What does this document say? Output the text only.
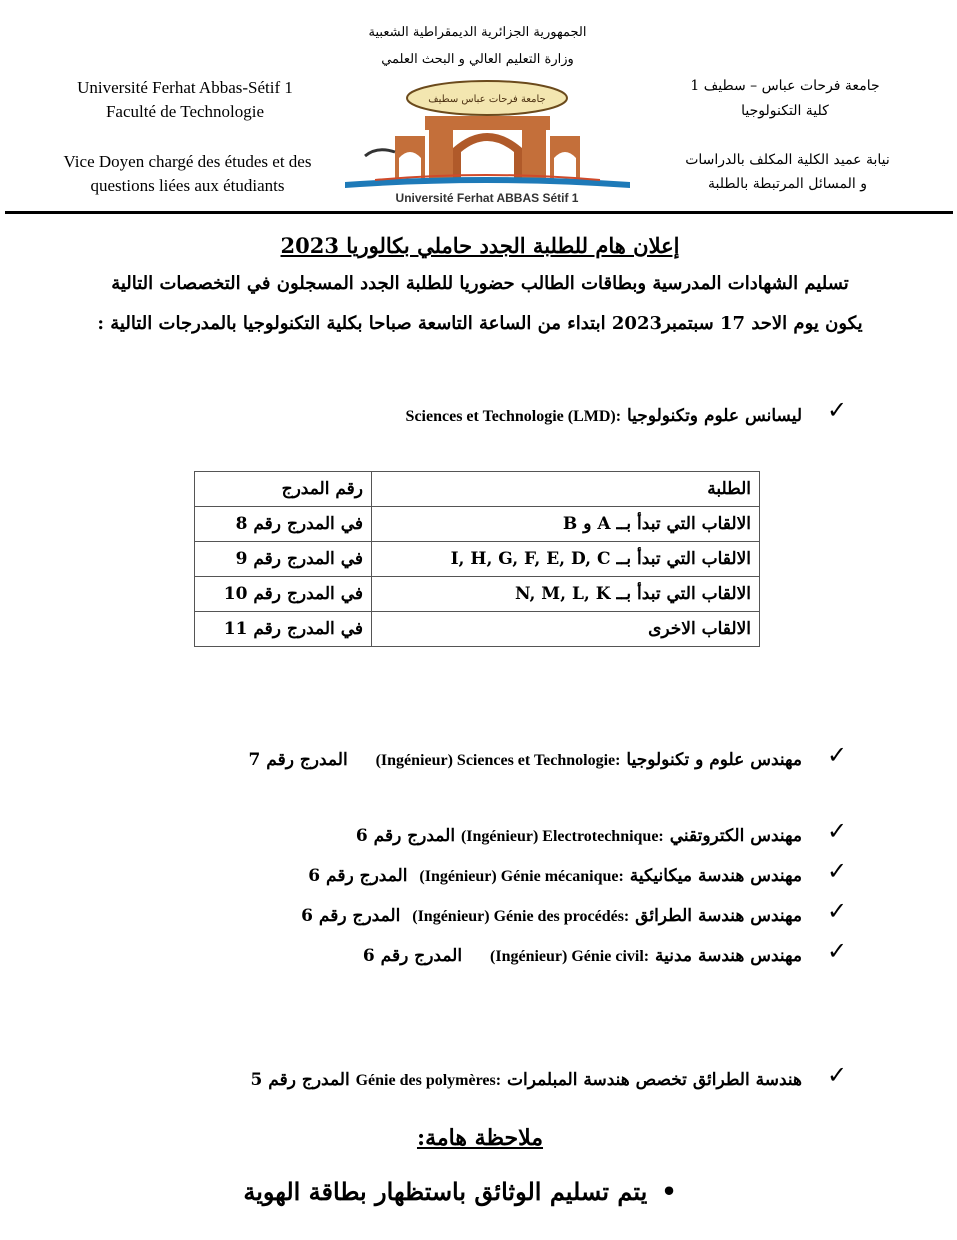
Université Ferhat Abbas-Sétif 1
Faculté de Technologie
Vice Doyen chargé des études et des
questions liées aux étudiants
الجمهورية الجزائرية الديمقراطية الشعبية
وزارة التعليم العالي و البحث العلمي
جامعة فرحات عباس سطيف
Université Ferhat ABBAS Sétif 1
جامعة فرحات عباس – سطيف 1
كلية التكنولوجيا
نيابة عميد الكلية المكلف بالدراسات
و المسائل المرتبطة بالطلبة
إعلان هام للطلبة الجدد حاملي بكالوريا 2023
تسليم الشهادات المدرسية وبطاقات الطالب حضوريا للطلبة الجدد المسجلون في التخصصات التالية
يكون يوم الاحد 17 سبتمبر2023 ابتداء من الساعة التاسعة صباحا بكلية التكنولوجيا بالمدرجات التالية :
✓
ليسانس علوم وتكنولوجيا Sciences et Technologie (LMD):
الطلبة	رقم المدرج
الالقاب التي تبدأ بــ A و B	في المدرج رقم 8
الالقاب التي تبدأ بــ I, H, G, F, E, D, C	في المدرج رقم 9
الالقاب التي تبدأ بــ N, M, L, K	في المدرج رقم 10
الالقاب الاخرى	في المدرج رقم 11
✓
مهندس علوم و تكنولوجيا (Ingénieur) Sciences et Technologie: المدرج رقم 7
✓
مهندس الكتروتقني (Ingénieur) Electrotechnique: المدرج رقم 6
✓
مهندس هندسة ميكانيكية (Ingénieur) Génie mécanique: المدرج رقم 6
✓
مهندس هندسة الطرائق (Ingénieur) Génie des procédés: المدرج رقم 6
✓
مهندس هندسة مدنية (Ingénieur) Génie civil: المدرج رقم 6
✓
هندسة الطرائق تخصص هندسة المبلمرات Génie des polymères: المدرج رقم 5
ملاحظة هامة:
•يتم تسليم الوثائق باستظهار بطاقة الهوية
